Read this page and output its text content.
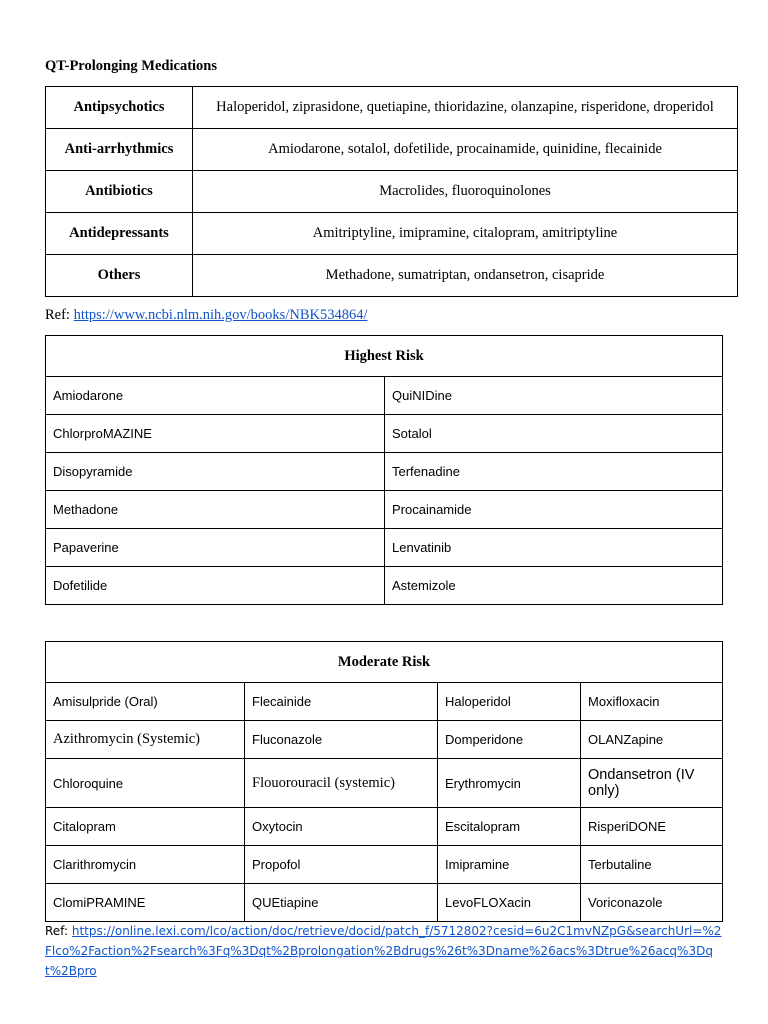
QT-Prolonging Medications
Antipsychotics	Haloperidol, ziprasidone, quetiapine, thioridazine, olanzapine, risperidone, droperidol
Anti-arrhythmics	Amiodarone, sotalol, dofetilide, procainamide, quinidine, flecainide
Antibiotics	Macrolides, fluoroquinolones
Antidepressants	Amitriptyline, imipramine, citalopram, amitriptyline
Others	Methadone, sumatriptan, ondansetron, cisapride
Ref: https://www.ncbi.nlm.nih.gov/books/NBK534864/
Highest Risk	
Amiodarone	QuiNIDine
ChlorproMAZINE	Sotalol
Disopyramide	Terfenadine
Methadone	Procainamide
Papaverine	Lenvatinib
Dofetilide	Astemizole
Moderate Risk			
Amisulpride (Oral)	Flecainide	Haloperidol	Moxifloxacin
Azithromycin (Systemic)	Fluconazole	Domperidone	OLANZapine
Chloroquine	Flouorouracil (systemic)	Erythromycin	Ondansetron (IV only)
Citalopram	Oxytocin	Escitalopram	RisperiDONE
Clarithromycin	Propofol	Imipramine	Terbutaline
ClomiPRAMINE	QUEtiapine	LevoFLOXacin	Voriconazole
Ref: https://online.lexi.com/lco/action/doc/retrieve/docid/patch_f/5712802?cesid=6u2C1mvNZpG&searchUrl=%2Flco%2Faction%2Fsearch%3Fq%3Dqt%2Bprolongation%2Bdrugs%26t%3Dname%26acs%3Dtrue%26acq%3Dqt%2Bpro
